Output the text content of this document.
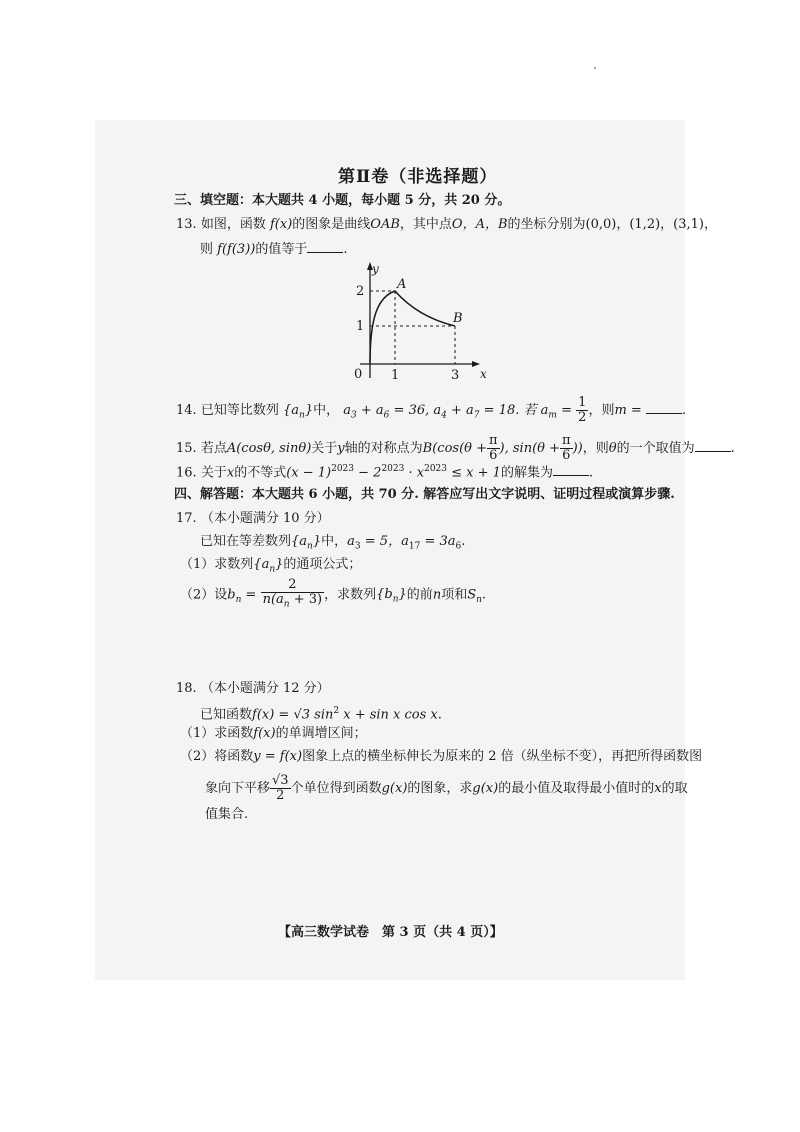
第Ⅱ卷（非选择题）
三、填空题：本大题共 4 小题，每小题 5 分，共 20 分。
13. 如图，函数 f(x)的图象是曲线OAB，其中点O，A，B的坐标分别为(0,0)，(1,2)，(3,1)，
则 f(f(3))的值等于	.
y
x
A
B
0 1	3
1
2
14. 已知等比数列 $\{a_n\}$中， $a_3 + a_6 = 36$, $a_4 + a_7 = 18$. 若 $a_m = \frac{1}{2}$ ，则m =	.
15. 若点A(cosθ, sinθ)关于y轴的对称点为$B(\cos(\theta + \frac{\pi}{6}$ ), $\sin(\theta + \frac{\pi}{6}$ ))，则θ的一个取值为	.
16. 关于x的不等式$(x - 1)^{2023} - 2^{2023} \cdot x^{2023} \le x + 1$的解集为	.
四、解答题：本大题共 6 小题，共 70 分. 解答应写出文字说明、证明过程或演算步骤.
17. （本小题满分 10 分）
已知在等差数列$\{a_n\}$中，$a_3 = 5$，$a_{17} = 3a_6$.
（1）求数列$\{a_n\}$的通项公式；
（2）设$b_n = \frac{2}{n(a_n + 3)}$ ，求数列$\{b_n\}$的前n项和$S_n$.
18. （本小题满分 12 分）
已知函数f(x) = √3 $\sin^2 x + \sin x$ cos x.
（1）求函数f(x)的单调增区间；
（2）将函数y = f(x)图象上点的横坐标伸长为原来的 2 倍（纵坐标不变），再把所得函数图
象向下平移 $\frac{√3}{2}$ 个单位得到函数g(x)的图象，求g(x)的最小值及取得最小值时的x的取
值集合.
【高三数学试卷　第 3 页（共 4 页）】
